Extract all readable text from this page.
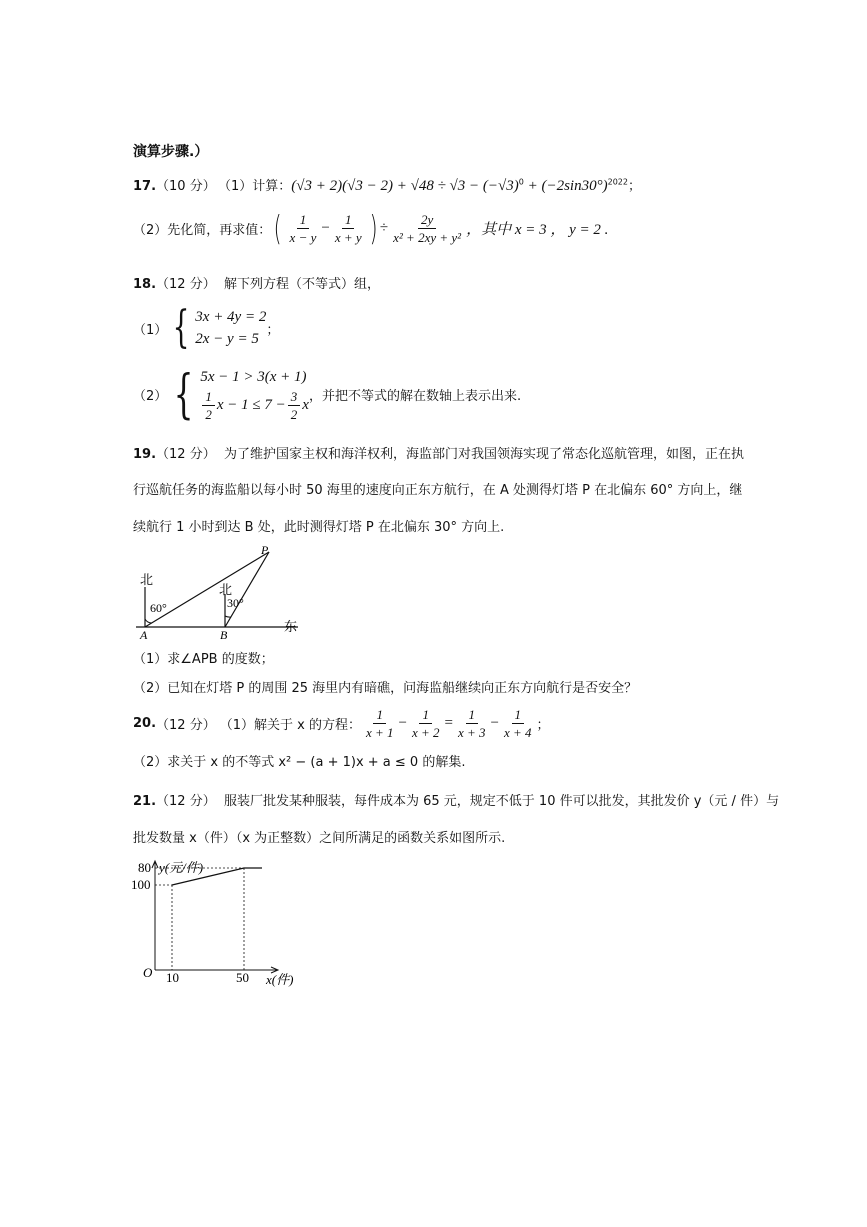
演算步骤.）
17.（10 分） （1）计算：$(√3 + 2)(√3 - 2) + √48 \div √3 - (-√3)^0 + (-2\sin 30^\circ)^{2022}$；
（2）先化简，再求值： ( $\frac{1}{x - y} - \frac{1}{x + y}$ ) ÷ $\frac{2y}{\text{x² + 2xy + y²}}$ ，其中 x = 3 ， y = 2 .
18.（12 分） 解下列方程（不等式）组，
（1） { 3x + 4y = 2
2x − y = 5
；
（2） { 5x − 1 > 3(x + 1)
$\frac{1}{2}$ $x - 1 \le 7 - \frac{3}{2}$ x
，并把不等式的解在数轴上表示出来.
19.（12 分） 为了维护国家主权和海洋权利，海监部门对我国领海实现了常态化巡航管理，如图，正在执
行巡航任务的海监船以每小时 50 海里的速度向正东方航行，在 A 处测得灯塔 P 在北偏东 60° 方向上，继
续航行 1 小时到达 B 处，此时测得灯塔 P 在北偏东 30° 方向上.
北
北
60°	30°
A	B
P
东
（1）求∠APB 的度数；
（2）已知在灯塔 P 的周围 25 海里内有暗礁，问海监船继续向正东方向航行是否安全？
20. （12 分） （1）解关于 x 的方程： $\frac{1}{x + 1} - \frac{1}{x + 2} = \frac{1}{x + 3} - \frac{1}{x + 4}$ ；
（2）求关于 x 的不等式 x² − (a + 1)x + a ≤ 0 的解集.
21.（12 分） 服装厂批发某种服装，每件成本为 65 元，规定不低于 10 件可以批发，其批发价 y（元 / 件）与
批发数量 x（件）（x 为正整数）之间所满足的函数关系如图所示.
y(元/件)
x(件)
O 10	50
100
80
